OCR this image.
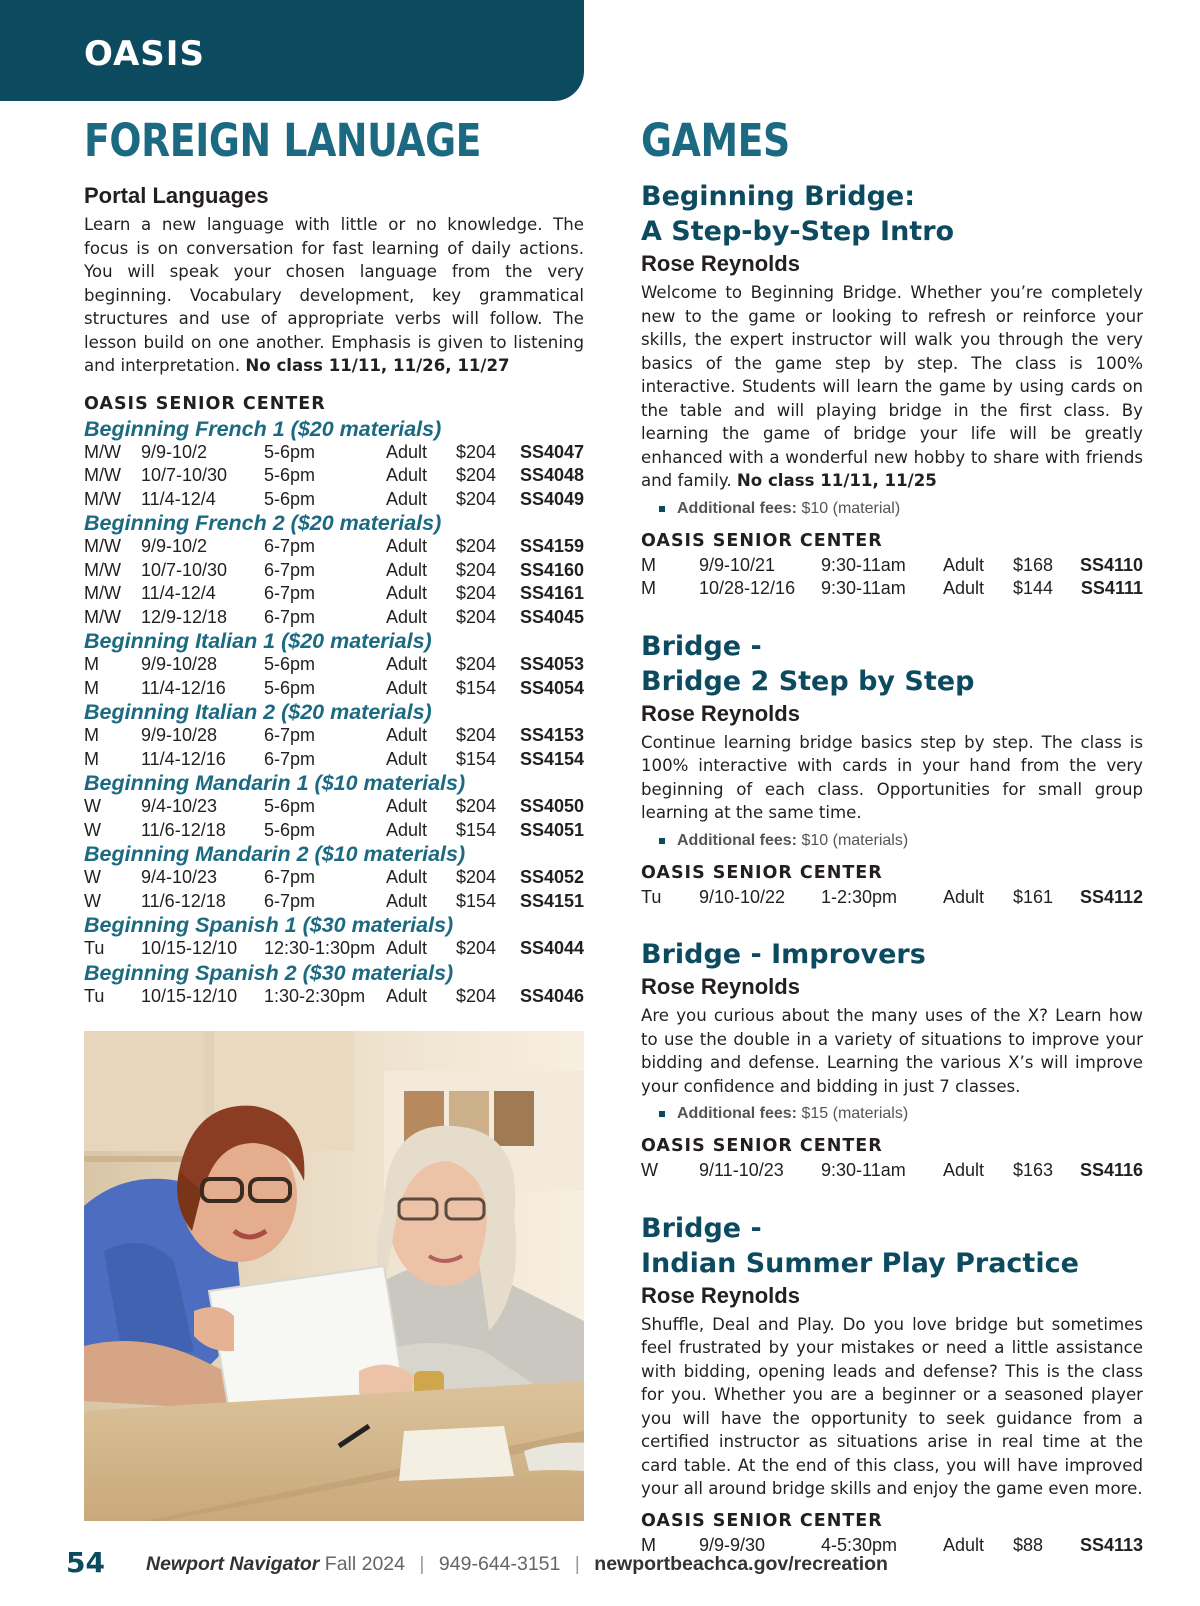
OASIS
FOREIGN LANUAGE
Portal Languages

Learn a new language with little or no knowledge. The focus is on conversation for fast learning of daily actions. You will speak your chosen language from the very beginning. Vocabulary development, key grammatical structures and use of appropriate verbs will follow. The lesson build on one another. Emphasis is given to listening and interpretation. No class 11/11, 11/26, 11/27

OASIS SENIOR CENTER
Beginning French 1 ($20 materials)
M/W 9/9-10/2	5-6pm	Adult $204 SS4047
M/W 10/7-10/30 5-6pm	Adult $204 SS4048
M/W 11/4-12/4	5-6pm	Adult $204 SS4049
Beginning French 2 ($20 materials)
M/W 9/9-10/2	6-7pm	Adult $204 SS4159
M/W 10/7-10/30 6-7pm	Adult $204 SS4160
M/W 11/4-12/4	6-7pm	Adult $204 SS4161
M/W 12/9-12/18 6-7pm	Adult $204 SS4045
Beginning Italian 1 ($20 materials)
M 9/9-10/28	5-6pm	Adult $204 SS4053
M 11/4-12/16 5-6pm	Adult $154 SS4054
Beginning Italian 2 ($20 materials)
M 9/9-10/28	6-7pm	Adult $204 SS4153
M 11/4-12/16 6-7pm	Adult $154 SS4154
Beginning Mandarin 1 ($10 materials)
W 9/4-10/23	5-6pm	Adult $204 SS4050
W 11/6-12/18 5-6pm	Adult $154 SS4051
Beginning Mandarin 2 ($10 materials)
W 9/4-10/23	6-7pm	Adult $204 SS4052
W 11/6-12/18 6-7pm	Adult $154 SS4151
Beginning Spanish 1 ($30 materials)
Tu 10/15-12/10 12:30-1:30pm Adult $204 SS4044
Beginning Spanish 2 ($30 materials)
Tu 10/15-12/10 1:30-2:30pm Adult $204 SS4046
GAMES
Beginning Bridge:
A Step-by-Step Intro
Rose Reynolds

Welcome to Beginning Bridge. Whether you’re completely new to the game or looking to refresh or reinforce your skills, the expert instructor will walk you through the very basics of the game step by step. The class is 100% interactive. Students will learn the game by using cards on the table and will playing bridge in the first class. By learning the game of bridge your life will be greatly enhanced with a wonderful new hobby to share with friends and family. No class 11/11, 11/25

Additional fees: $10 (material)
OASIS SENIOR CENTER
M 9/9-10/21	9:30-11am Adult $168	SS4110
M 10/28-12/16 9:30-11am Adult $144	SS4111
Bridge -
Bridge 2 Step by Step
Rose Reynolds

Continue learning bridge basics step by step. The class is 100% interactive with cards in your hand from the very beginning of each class. Opportunities for small group learning at the same time.

Additional fees: $10 (materials)
OASIS SENIOR CENTER
Tu 9/10-10/22 1-2:30pm	Adult $161	SS4112
Bridge - Improvers
Rose Reynolds

Are you curious about the many uses of the X? Learn how to use the double in a variety of situations to improve your bidding and defense. Learning the various X’s will improve your confidence and bidding in just 7 classes.

Additional fees: $15 (materials)
OASIS SENIOR CENTER
W 9/11-10/23 9:30-11am Adult $163	SS4116
Bridge -
Indian Summer Play Practice
Rose Reynolds

Shuffle, Deal and Play. Do you love bridge but sometimes feel frustrated by your mistakes or need a little assistance with bidding, opening leads and defense? This is the class for you. Whether you are a beginner or a seasoned player you will have the opportunity to seek guidance from a certified instructor as situations arise in real time at the card table. At the end of this class, you will have improved your all around bridge skills and enjoy the game even more.

OASIS SENIOR CENTER
M 9/9-9/30	4-5:30pm	Adult $88	SS4113
54 Newport Navigator Fall 2024 | 949-644-3151 | newportbeachca.gov/recreation
